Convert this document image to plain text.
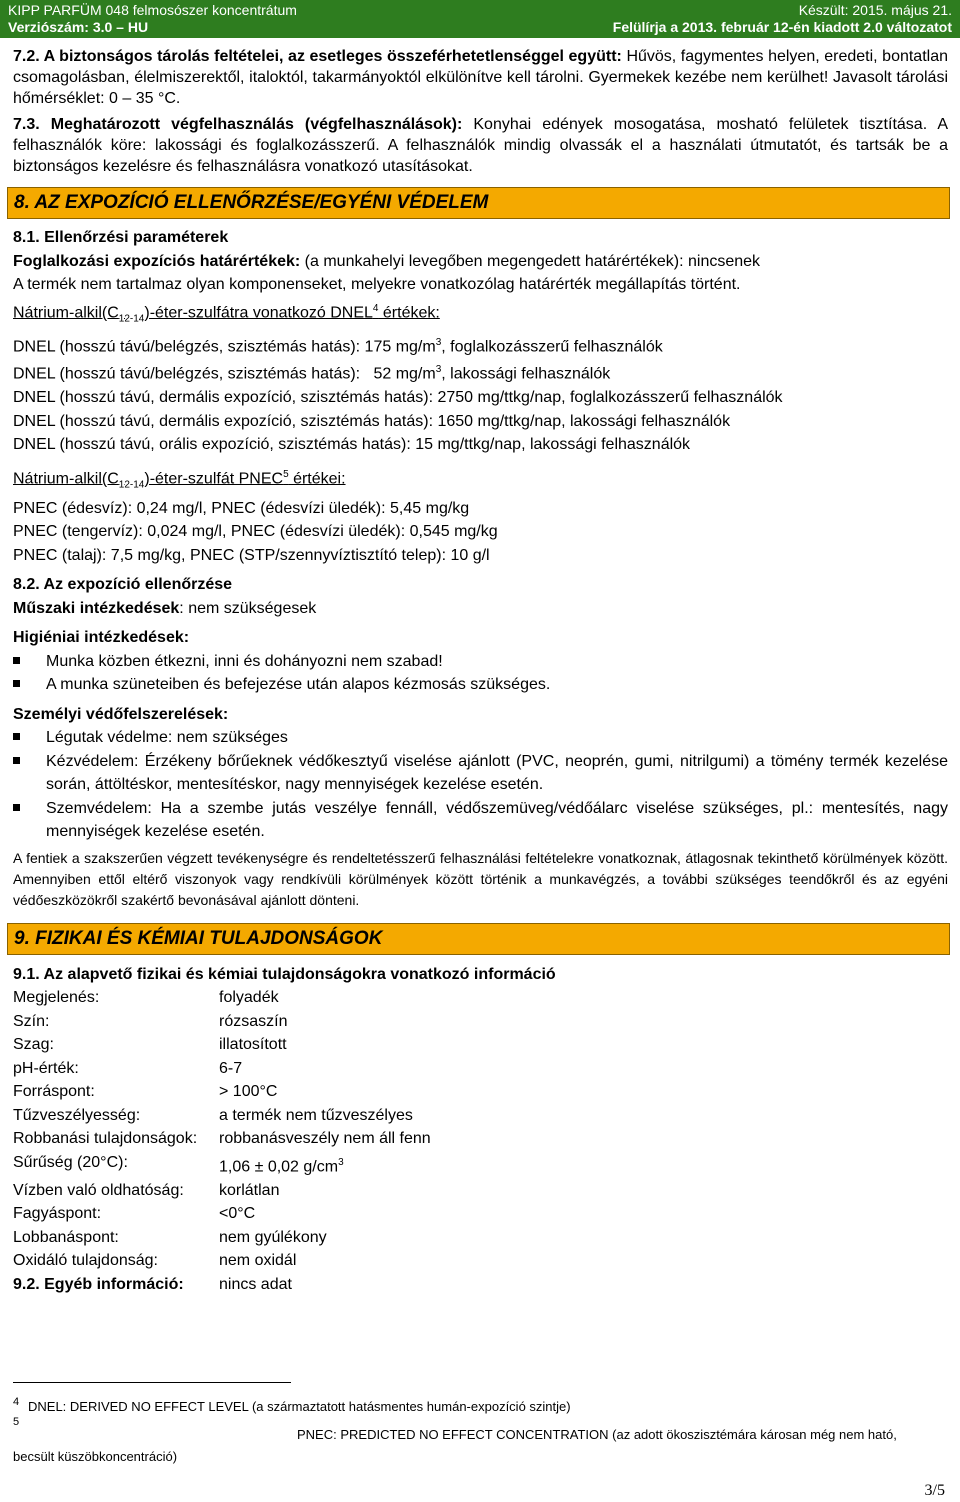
KIPP PARFÜM 048 felmosószer koncentrátum	Készült: 2015. május 21.
Verziószám: 3.0 – HU	Felülírja a 2013. február 12-én kiadott 2.0 változatot

7.2. A biztonságos tárolás feltételei, az esetleges összeférhetetlenséggel együtt: Hűvös, fagymentes helyen, eredeti, bontatlan csomagolásban, élelmiszerektől, italoktól, takarmányoktól elkülönítve kell tárolni. Gyermekek kezébe nem kerülhet! Javasolt tárolási hőmérséklet: 0 – 35 °C.

7.3. Meghatározott végfelhasználás (végfelhasználások): Konyhai edények mosogatása, mosható felületek tisztítása. A felhasználók köre: lakossági és foglalkozásszerű. A felhasználók mindig olvassák el a használati útmutatót, és tartsák be a biztonságos kezelésre és felhasználásra vonatkozó utasításokat.

8. AZ EXPOZÍCIÓ ELLENŐRZÉSE/EGYÉNI VÉDELEM

8.1. Ellenőrzési paraméterek

Foglalkozási expozíciós határértékek: (a munkahelyi levegőben megengedett határértékek): nincsenek

A termék nem tartalmaz olyan komponenseket, melyekre vonatkozólag határérték megállapítás történt.

Nátrium-$alkil(C_{12-14})-éter$-szulfátra vonatkozó DNEL$^4$ értékek:

DNEL (hosszú távú/belégzés, szisztémás hatás): 175 $mg/m^3$, foglalkozásszerű felhasználók

DNEL (hosszú távú/belégzés, szisztémás hatás):   52 $mg/m^3$, lakossági felhasználók

DNEL (hosszú távú, dermális expozíció, szisztémás hatás): 2750 mg/ttkg/nap, foglalkozásszerű felhasználók

DNEL (hosszú távú, dermális expozíció, szisztémás hatás): 1650 mg/ttkg/nap, lakossági felhasználók

DNEL (hosszú távú, orális expozíció, szisztémás hatás): 15 mg/ttkg/nap, lakossági felhasználók

Nátrium-$alkil(C_{12-14})-éter$-szulfát PNEC$^5$ értékei:

PNEC (édesvíz): 0,24 mg/l, PNEC (édesvízi üledék): 5,45 mg/kg

PNEC (tengervíz): 0,024 mg/l, PNEC (édesvízi üledék): 0,545 mg/kg

PNEC (talaj): 7,5 mg/kg, PNEC (STP/szennyvíztisztító telep): 10 g/l

8.2. Az expozíció ellenőrzése

Műszaki intézkedések: nem szükségesek

Higiéniai intézkedések:

Munka közben étkezni, inni és dohányozni nem szabad!
A munka szüneteiben és befejezése után alapos kézmosás szükséges.

Személyi védőfelszerelések:

Légutak védelme: nem szükséges
Kézvédelem: Érzékeny bőrűeknek védőkesztyű viselése ajánlott (PVC, neoprén, gumi, nitrilgumi) a tömény termék kezelése során, áttöltéskor, mentesítéskor, nagy mennyiségek kezelése esetén.
Szemvédelem: Ha a szembe jutás veszélye fennáll, védőszemüveg/védőálarc viselése szükséges, pl.: mentesítés, nagy mennyiségek kezelése esetén.

A fentiek a szakszerűen végzett tevékenységre és rendeltetésszerű felhasználási feltételekre vonatkoznak, átlagosnak tekinthető körülmények között. Amennyiben ettől eltérő viszonyok vagy rendkívüli körülmények között történik a munkavégzés, a további szükséges teendőkről és az egyéni védőeszközökről szakértő bevonásával ajánlott dönteni.

9. FIZIKAI ÉS KÉMIAI TULAJDONSÁGOK

9.1. Az alapvető fizikai és kémiai tulajdonságokra vonatkozó információ

Megjelenés:	folyadék
Szín:	rózsaszín
Szag:	illatosított
pH-érték:	6-7
Forráspont:	> 100°C
Tűzveszélyesség:	a termék nem tűzveszélyes
Robbanási tulajdonságok:	robbanásveszély nem áll fenn
Sűrűség (20°C):	1,06 ± 0,02 $g/cm^3$
Vízben való oldhatóság:	korlátlan
Fagyáspont:	<0°C
Lobbanáspont:	nem gyúlékony
Oxidáló tulajdonság:	nem oxidál
9.2. Egyéb információ:	nincs adat
4 DNEL: DERIVED NO EFFECT LEVEL (a származtatott hatásmentes humán-expozíció szintje)
5
PNEC: PREDICTED NO EFFECT CONCENTRATION (az adott ökoszisztémára károsan még nem ható,
becsült küszöbkoncentráció)
3/5
